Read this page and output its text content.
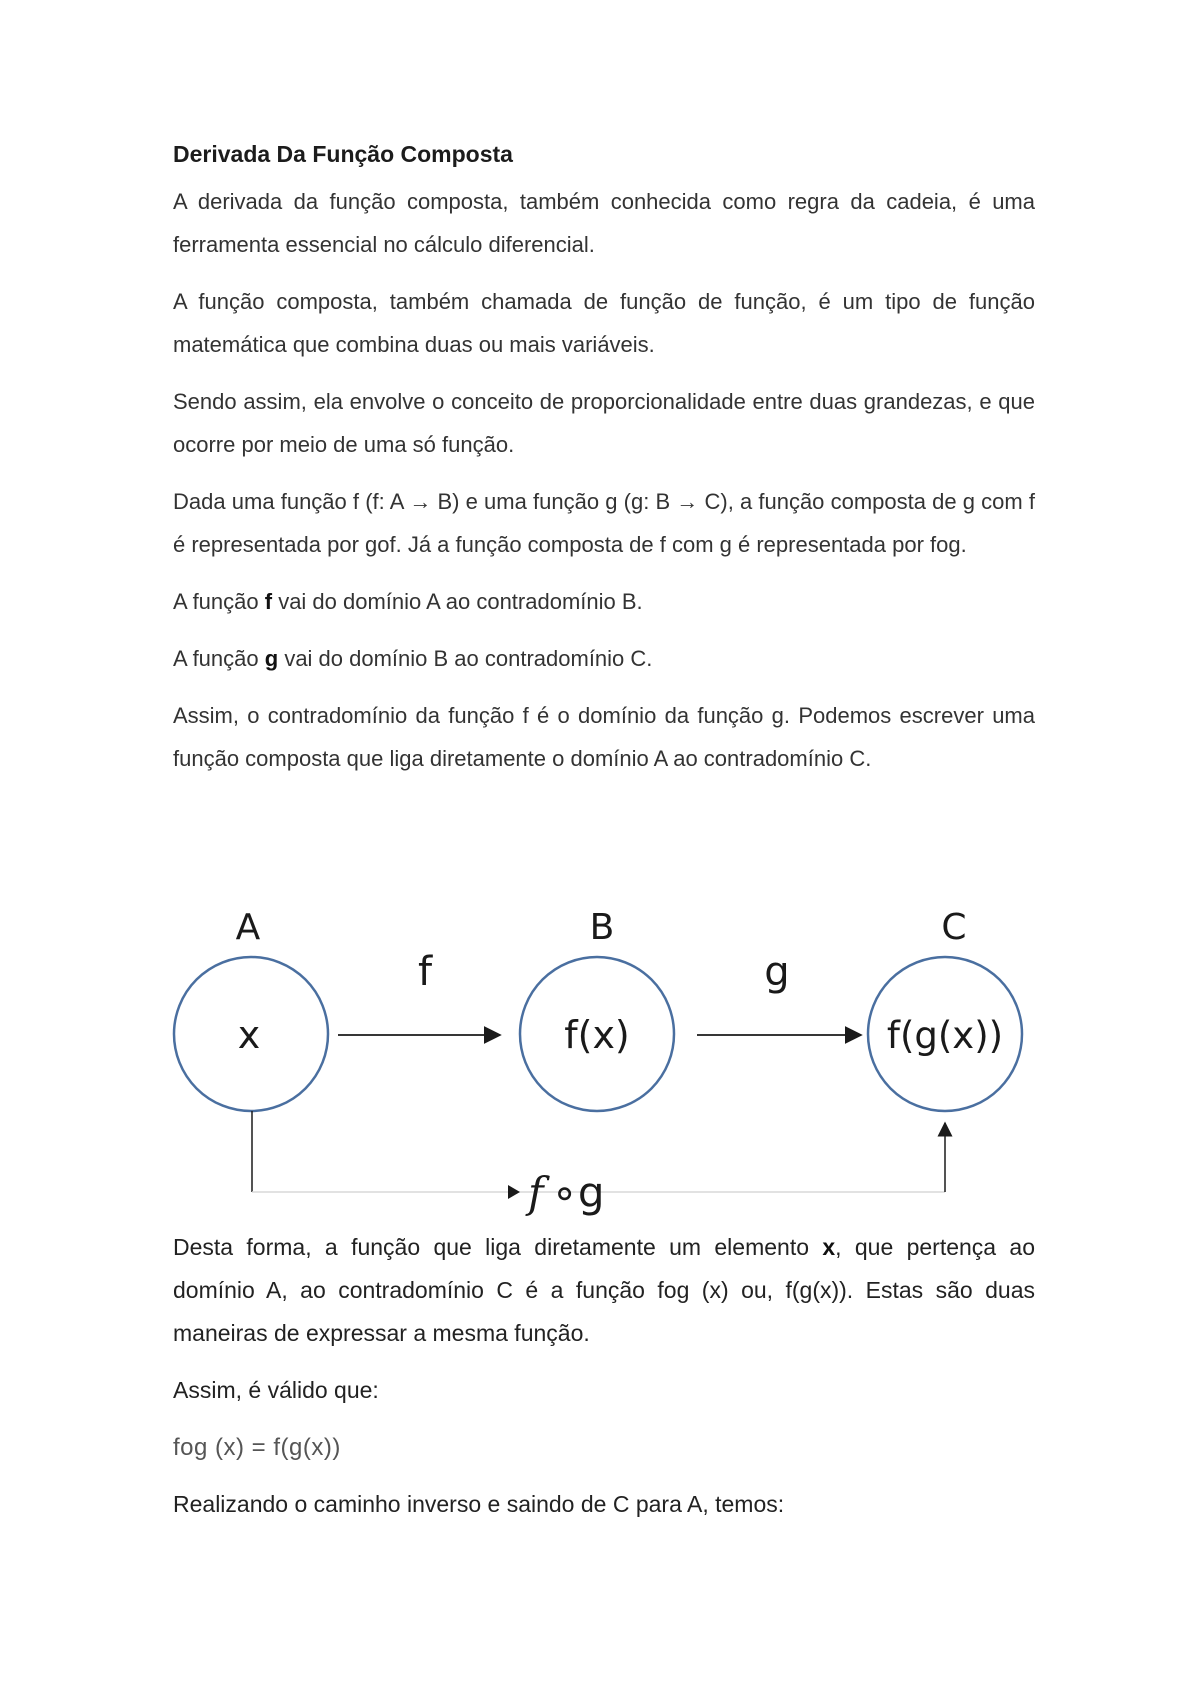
Derivada Da Função Composta

A derivada da função composta, também conhecida como regra da cadeia, é uma ferramenta essencial no cálculo diferencial.

A função composta, também chamada de função de função, é um tipo de função matemática que combina duas ou mais variáveis.

Sendo assim, ela envolve o conceito de proporcionalidade entre duas grandezas, e que ocorre por meio de uma só função.

Dada uma função f (f: A → B) e uma função g (g: B → C), a função composta de g com f é representada por gof. Já a função composta de f com g é representada por fog.

A função f vai do domínio A ao contradomínio B.

A função g vai do domínio B ao contradomínio C.

Assim, o contradomínio da função f é o domínio da função g. Podemos escrever uma função composta que liga diretamente o domínio A ao contradomínio C.

A	B	C
x	f(x)	f(g(x))
f	g
f ∘g

Desta forma, a função que liga diretamente um elemento x, que pertença ao domínio A, ao contradomínio C é a função fog (x) ou, f(g(x)). Estas são duas maneiras de expressar a mesma função.

Assim, é válido que:

fog (x) = f(g(x))

Realizando o caminho inverso e saindo de C para A, temos:
